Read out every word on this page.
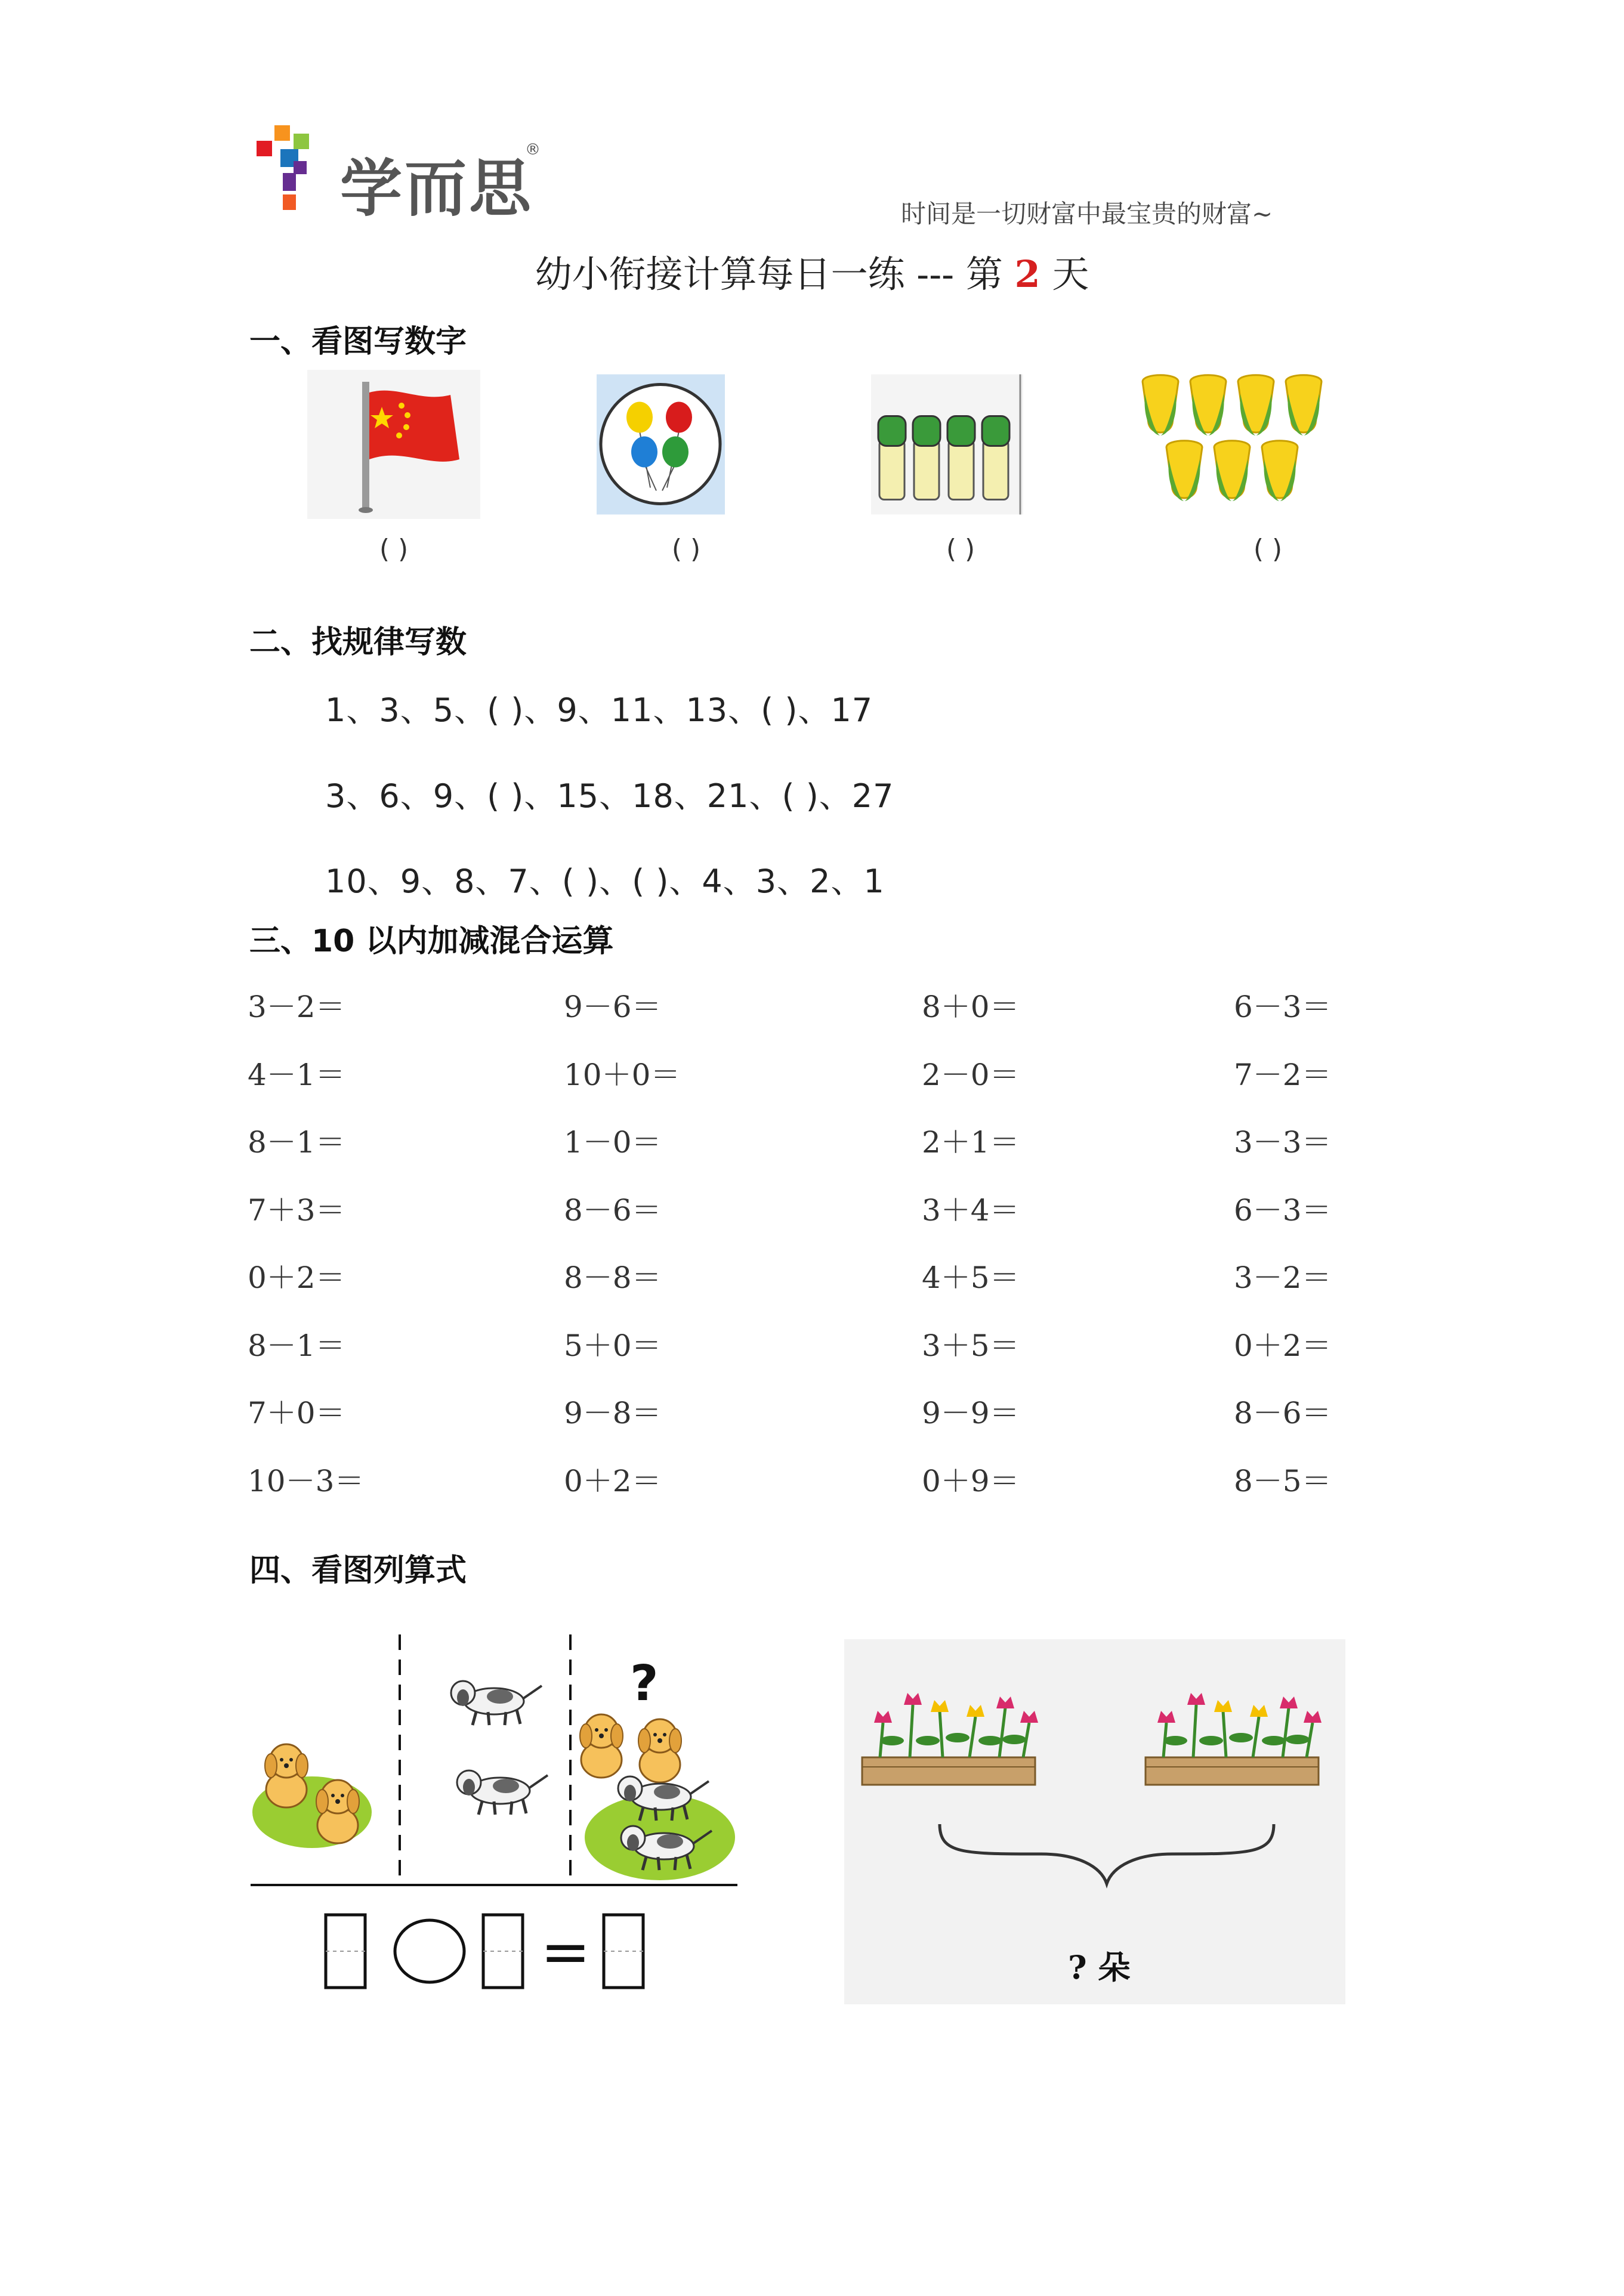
学而思
®
时间是一切财富中最宝贵的财富~
幼小衔接计算每日一练 --- 第 2 天
一、看图写数字
( )	( )	( )	( )
二、找规律写数
1、3、5、( )、9、11、13、( )、17
3、6、9、( )、15、18、21、( )、27
10、9、8、7、( )、( )、4、3、2、1
三、10 以内加减混合运算
3－2＝	9－6＝	8＋0＝	6－3＝
4－1＝	10＋0＝	2－0＝	7－2＝
8－1＝	1－0＝	2＋1＝	3－3＝
7＋3＝	8－6＝	3＋4＝	6－3＝
0＋2＝	8－8＝	4＋5＝	3－2＝
8－1＝	5＋0＝	3＋5＝	0＋2＝
7＋0＝	9－8＝	9－9＝	8－6＝
10－3＝	0＋2＝	0＋9＝	8－5＝
四、看图列算式
?
=	? 朵
